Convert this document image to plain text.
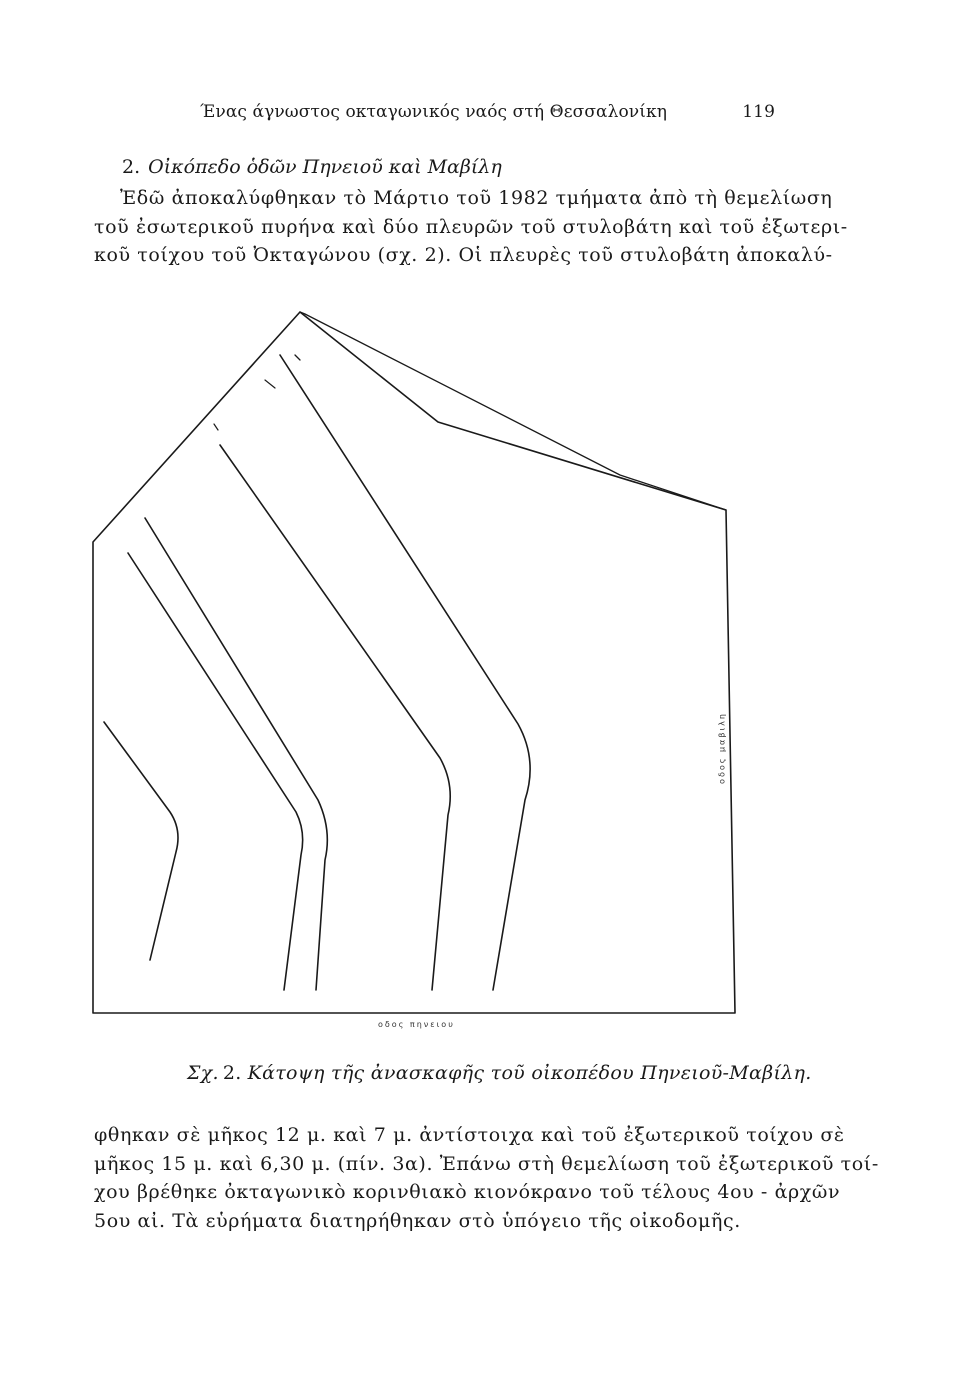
Ένας άγνωστος οκταγωνικός ναός στή Θεσσαλονίκη	119
2. Οἰκόπεδο ὁδῶν Πηνειοῦ καὶ Μαβίλη
Ἐδῶ ἀποκαλύφθηκαν τὸ Μάρτιο τοῦ 1982 τμήματα ἀπὸ τὴ θεμελίωση
τοῦ ἐσωτερικοῦ πυρήνα καὶ δύο πλευρῶν τοῦ στυλοβάτη καὶ τοῦ ἐξωτερι-
κοῦ τοίχου τοῦ Ὀκταγώνου (σχ. 2). Οἱ πλευρὲς τοῦ στυλοβάτη ἀποκαλύ-
οδος πηνειου
οδος μαβιλη
Σχ. 2. Κάτοψη τῆς ἀνασκαφῆς τοῦ οἰκοπέδου Πηνειοῦ-Μαβίλη.
φθηκαν σὲ μῆκος 12 μ. καὶ 7 μ. ἀντίστοιχα καὶ τοῦ ἐξωτερικοῦ τοίχου σὲ
μῆκος 15 μ. καὶ 6,30 μ. (πίν. 3α). Ἐπάνω στὴ θεμελίωση τοῦ ἐξωτερικοῦ τοί-
χου βρέθηκε ὀκταγωνικὸ κορινθιακὸ κιονόκρανο τοῦ τέλους 4ου - ἀρχῶν
5ου αἰ. Τὰ εὑρήματα διατηρήθηκαν στὸ ὑπόγειο τῆς οἰκοδομῆς.
